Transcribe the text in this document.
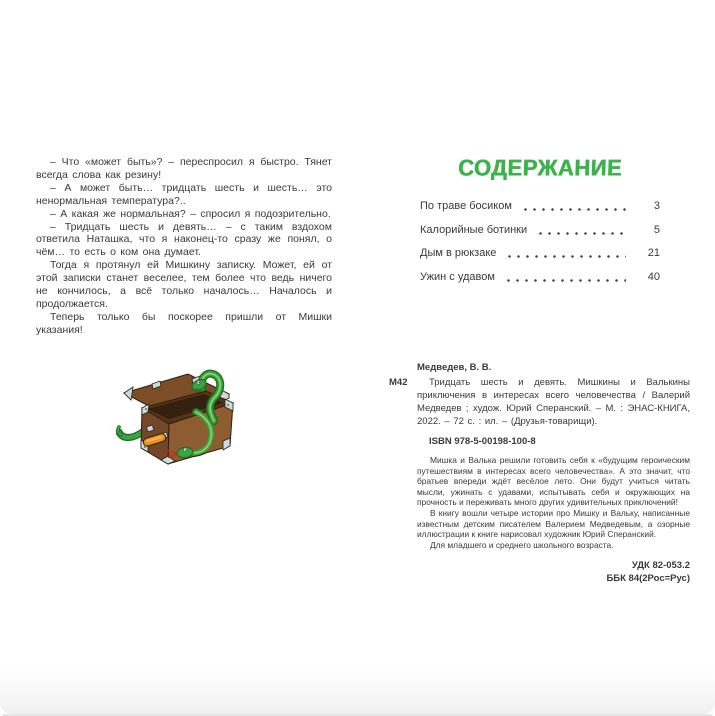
– Что «может быть»? – переспросил я быстро. Тянет всегда слова как резину!

– А может быть… тридцать шесть и шесть… это ненормальная температура?..

– А какая же нормальная? – спросил я подозрительно.

– Тридцать шесть и девять… – с таким вздохом ответила Наташка, что я наконец-то сразу же понял, о чём… то есть о ком она думает.

Тогда я протянул ей Мишкину записку. Может, ей от этой записки станет веселее, тем более что ведь ничего не кончилось, а всё только началось… Началось и продолжается.

Теперь только бы поскорее пришли от Мишки указания!

СОДЕРЖАНИЕ
По траве босиком	3
Калорийные ботинки	5
Дым в рюкзаке	21
Ужин с удавом	40
Медведев, В. В.
М42	Тридцать шесть и девять. Мишкины и Валькины приключения в интересах всего человечества / Валерий Медведев ; худож. Юрий Сперанский. – М. : ЭНАС-КНИГА, 2022. – 72 с. : ил. – (Друзья-товарищи).

ISBN 978-5-00198-100-8

Мишка и Валька решили готовить себя к «будущим героическим путешествиям в интересах всего человечества». А это значит, что братьев впереди ждёт весёлое лето. Они будут учиться читать мысли, ужинать с удавами, испытывать себя и окружающих на прочность и переживать много других удивительных приключений!

В книгу вошли четыре истории про Мишку и Вальку, написанные известным детским писателем Валерием Медведевым, а озорные иллюстрации к книге нарисовал художник Юрий Сперанский.

Для младшего и среднего школьного возраста.

УДК 82-053.2
ББК 84(2Рос=Рус)
